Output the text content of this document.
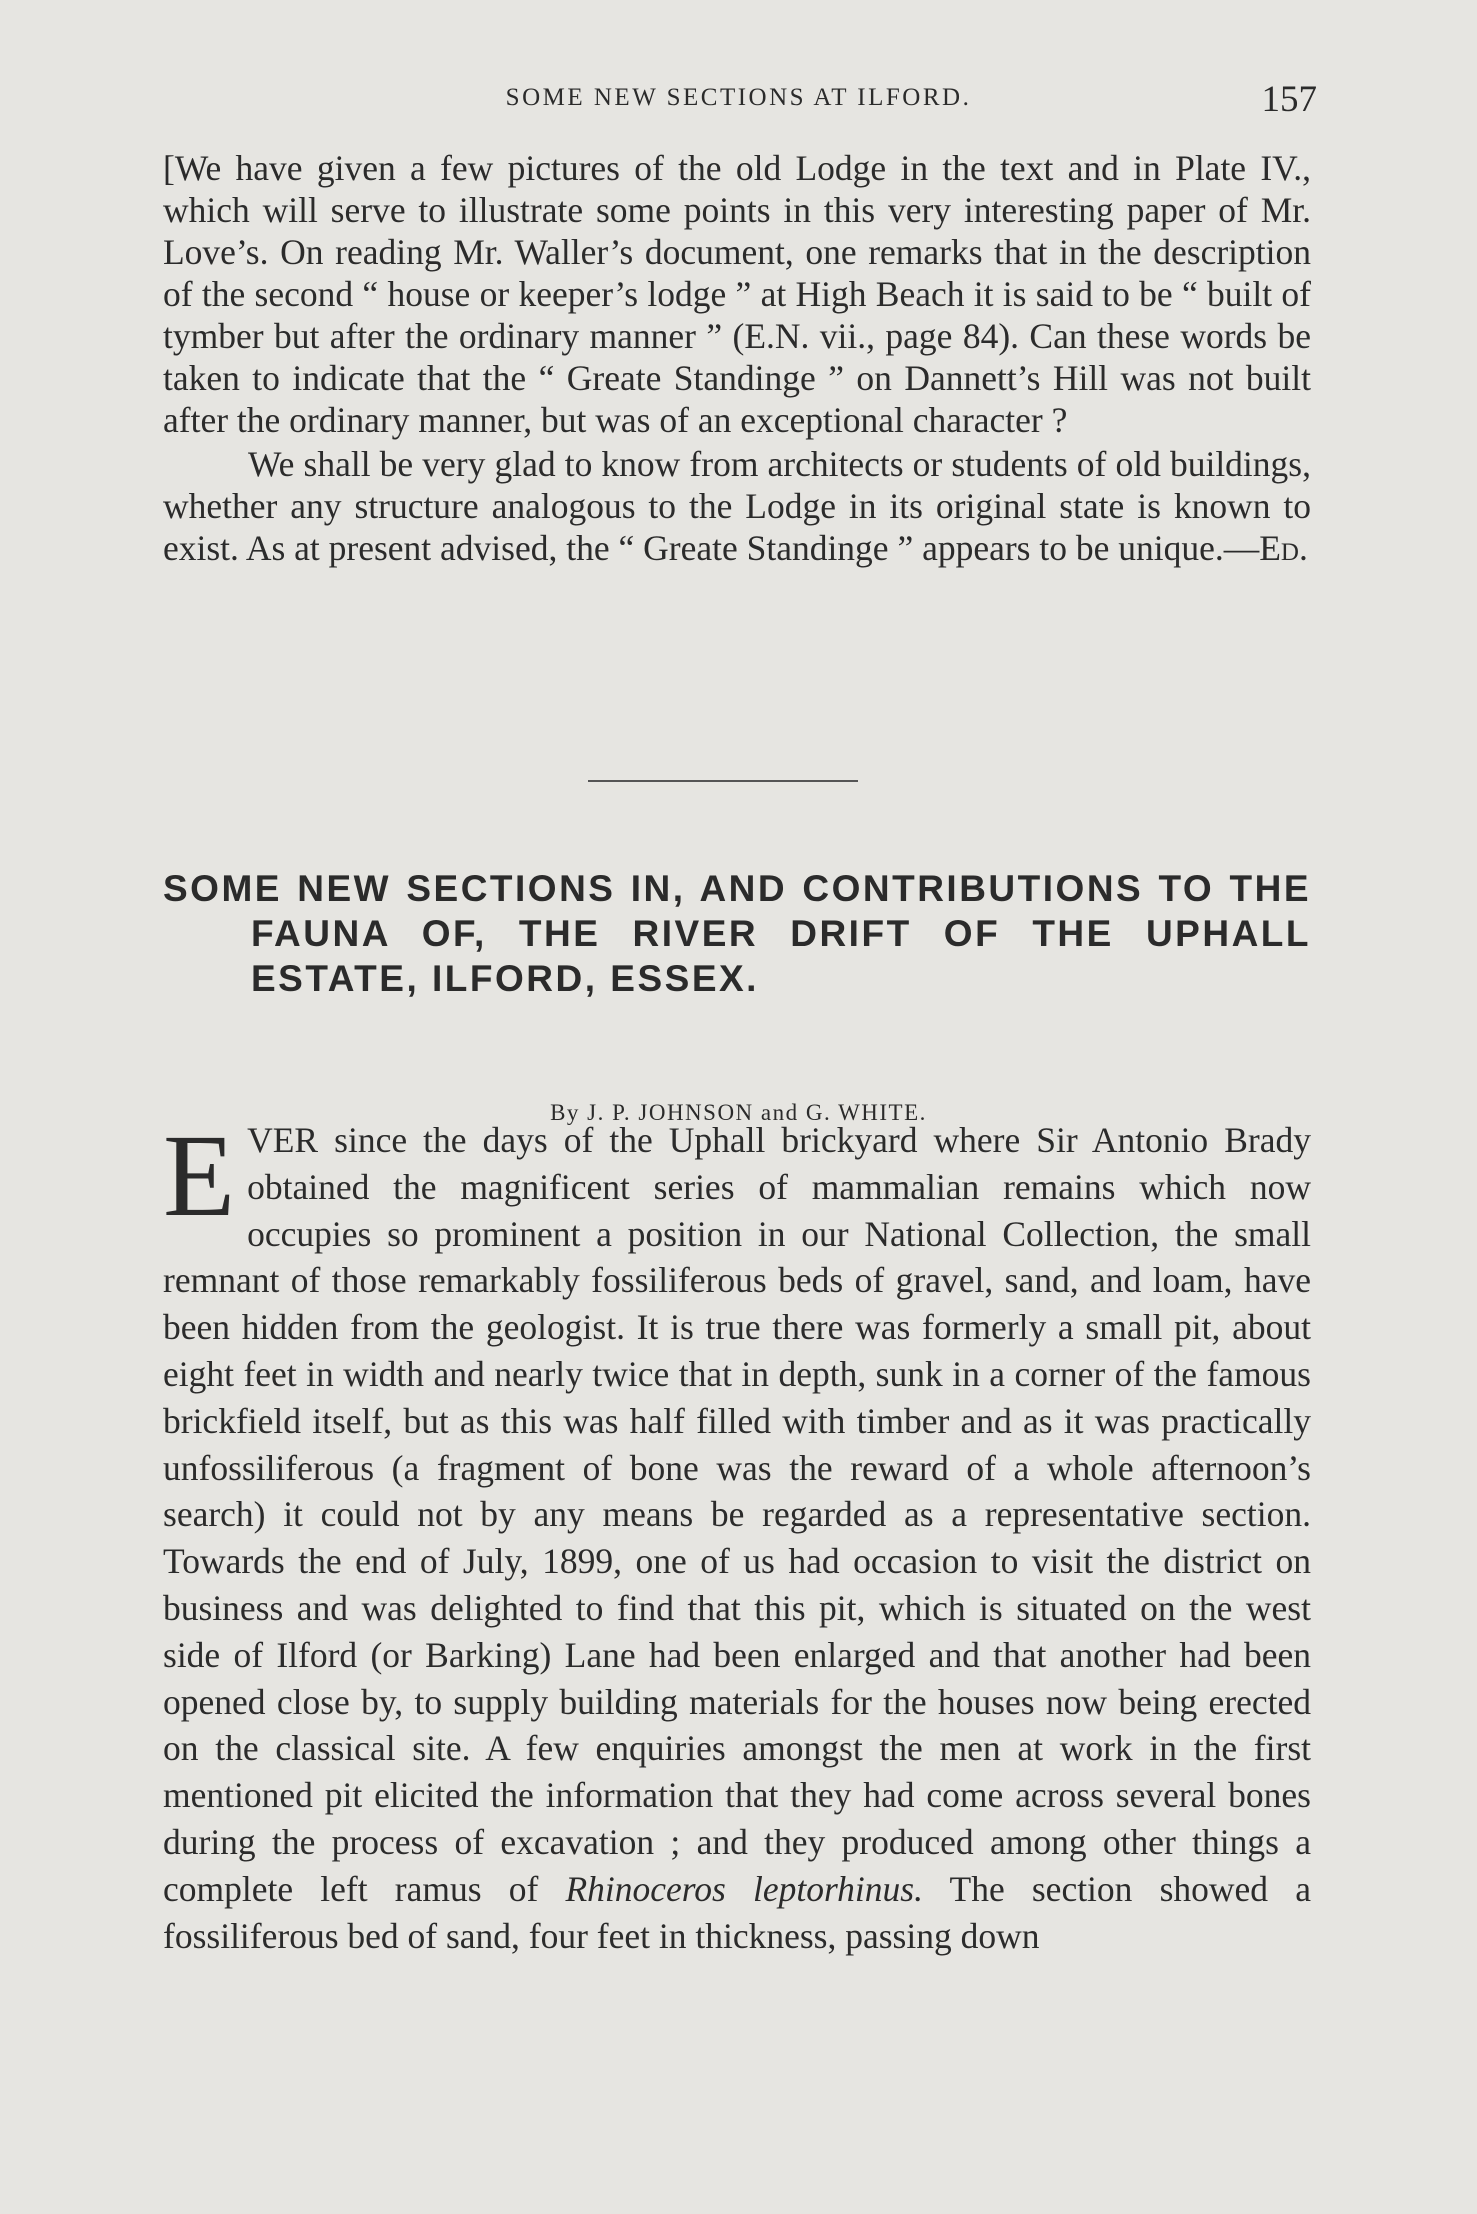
SOME NEW SECTIONS AT ILFORD.	157

[We have given a few pictures of the old Lodge in the text and in Plate IV., which will serve to illustrate some points in this very interesting paper of Mr. Love’s. On reading Mr. Waller’s document, one remarks that in the description of the second “ house or keeper’s lodge ” at High Beach it is said to be “ built of tymber but after the ordinary manner ” (E.N. vii., page 84). Can these words be taken to indicate that the “ Greate Standinge ” on Dannett’s Hill was not built after the ordinary manner, but was of an exceptional character ?

We shall be very glad to know from architects or students of old buildings, whether any structure analogous to the Lodge in its original state is known to exist. As at present advised, the “ Greate Standinge ” appears to be unique.—Ed.

SOME NEW SECTIONS IN, AND CONTRIBUTIONS TO THE FAUNA OF, THE RIVER DRIFT OF THE UPHALL ESTATE, ILFORD, ESSEX.
By J. P. JOHNSON and G. WHITE.

EVER since the days of the Uphall brickyard where Sir Antonio Brady obtained the magnificent series of mammalian remains which now occupies so prominent a position in our National Collection, the small remnant of those remarkably fossiliferous beds of gravel, sand, and loam, have been hidden from the geologist. It is true there was formerly a small pit, about eight feet in width and nearly twice that in depth, sunk in a corner of the famous brickfield itself, but as this was half filled with timber and as it was practically unfossiliferous (a fragment of bone was the reward of a whole afternoon’s search) it could not by any means be regarded as a representative section. Towards the end of July, 1899, one of us had occasion to visit the district on business and was delighted to find that this pit, which is situated on the west side of Ilford (or Barking) Lane had been enlarged and that another had been opened close by, to supply building materials for the houses now being erected on the classical site. A few enquiries amongst the men at work in the first mentioned pit elicited the information that they had come across several bones during the process of excavation ; and they produced among other things a complete left ramus of Rhinoceros leptorhinus. The section showed a fossiliferous bed of sand, four feet in thickness, passing down
